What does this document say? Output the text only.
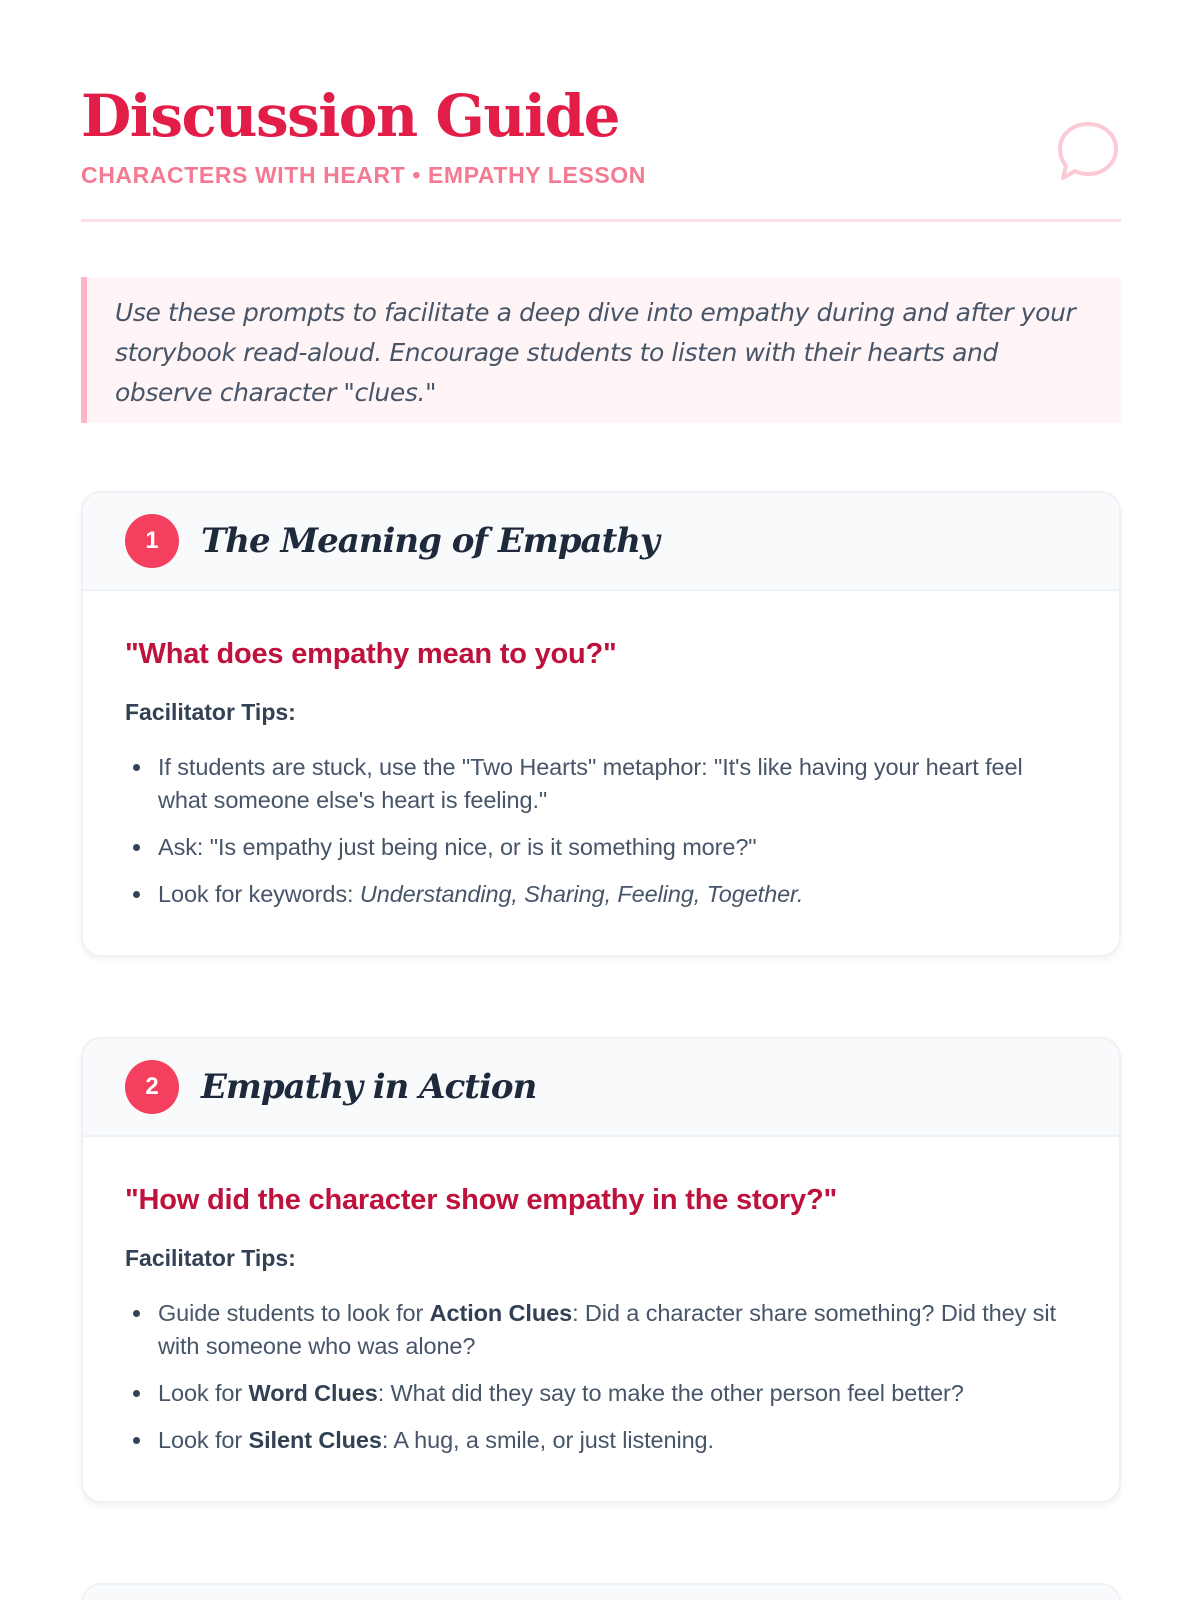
Discussion Guide
CHARACTERS WITH HEART • EMPATHY LESSON

Use these prompts to facilitate a deep dive into empathy during and after your storybook read-aloud. Encourage students to listen with their hearts and observe character "clues."

1	The Meaning of Empathy
"What does empathy mean to you?"
Facilitator Tips:
If students are stuck, use the "Two Hearts" metaphor: "It's like having your heart feel what someone else's heart is feeling."
Ask: "Is empathy just being nice, or is it something more?"
Look for keywords: Understanding, Sharing, Feeling, Together.
2	Empathy in Action
"How did the character show empathy in the story?"
Facilitator Tips:
Guide students to look for Action Clues: Did a character share something? Did they sit with someone who was alone?
Look for Word Clues: What did they say to make the other person feel better?
Look for Silent Clues: A hug, a smile, or just listening.
